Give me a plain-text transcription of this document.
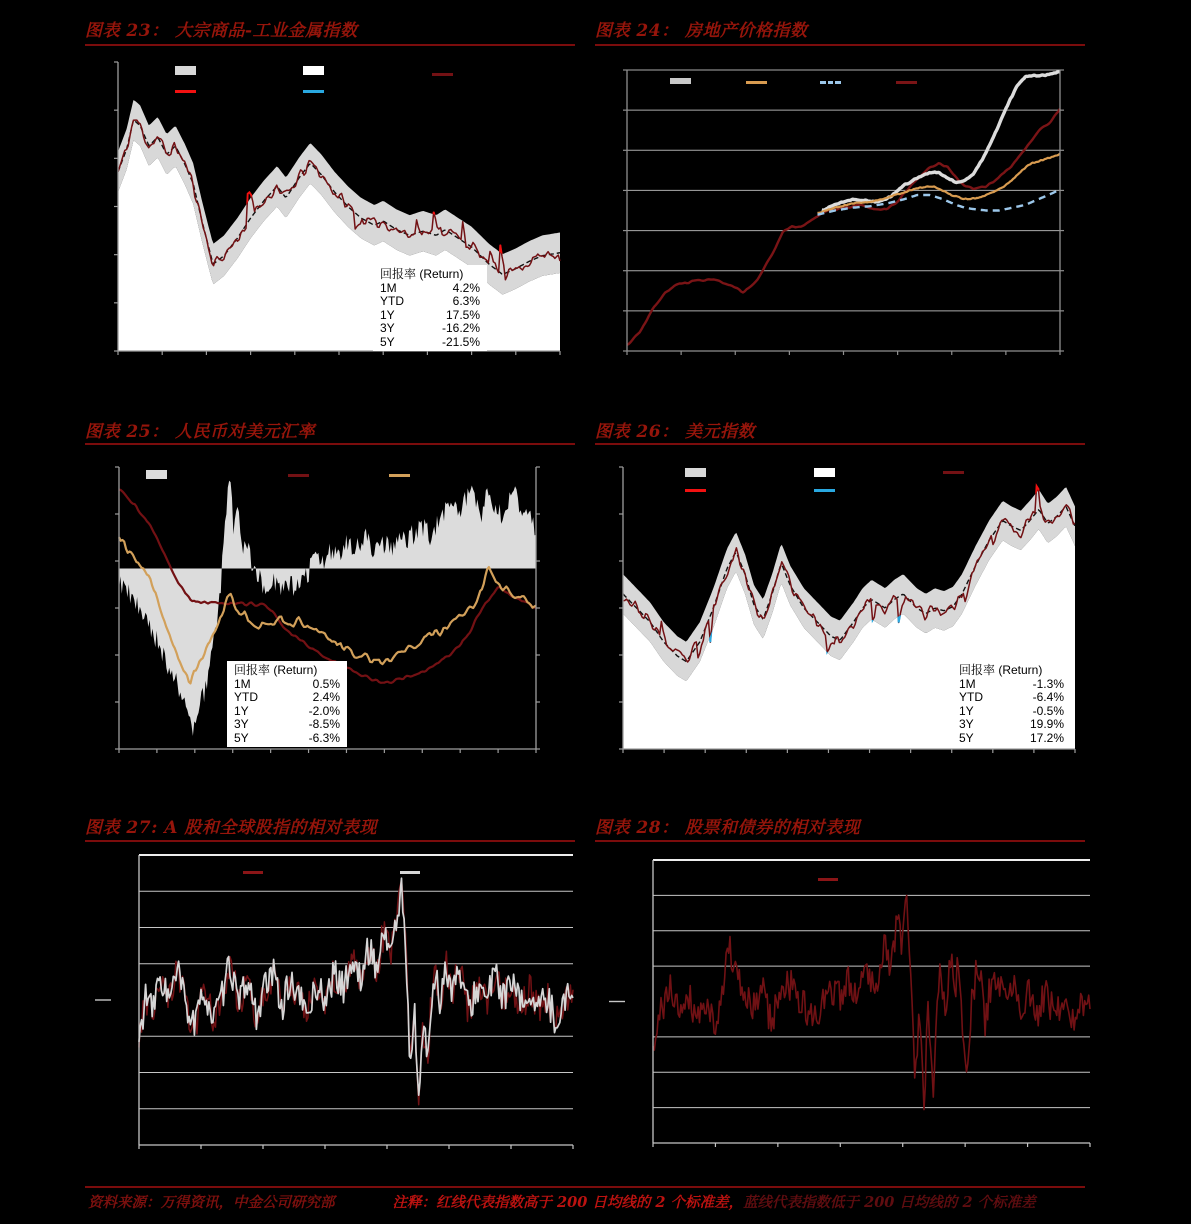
图表 23： 大宗商品-工业金属指数
回报率 (Return)
1M	4.2%
YTD	6.3%
1Y	17.5%
3Y	-16.2%
5Y	-21.5%
图表 24： 房地产价格指数
图表 25： 人民币对美元汇率
回报率 (Return)
1M	0.5%
YTD	2.4%
1Y	-2.0%
3Y	-8.5%
5Y	-6.3%
图表 26： 美元指数
回报率 (Return)
1M	-1.3%
YTD	-6.4%
1Y	-0.5%
3Y	19.9%
5Y	17.2%
图表 27: A 股和全球股指的相对表现	图表 28： 股票和债券的相对表现
资料来源：万得资讯，中金公司研究部	注释：红线代表指数高于 200 日均线的 2 个标准差，蓝线代表指数低于 200 日均线的 2 个标准差
